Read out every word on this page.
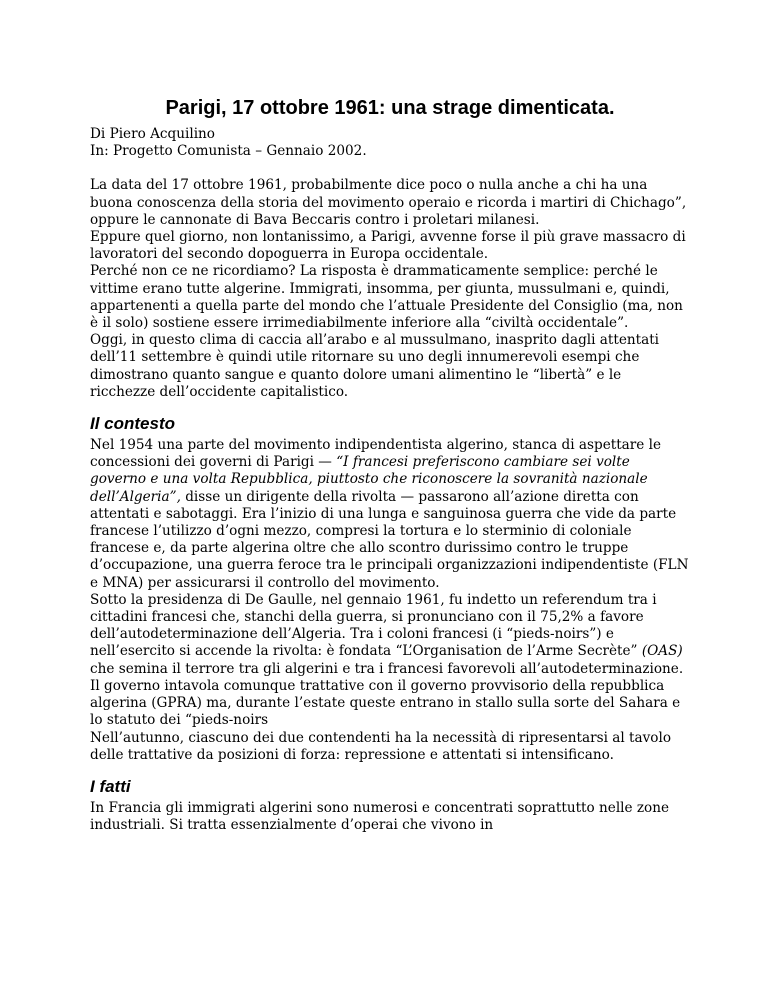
Parigi, 17 ottobre 1961: una strage dimenticata.

Di Piero Acquilino

In: Progetto Comunista – Gennaio 2002.

La data del 17 ottobre 1961, probabilmente dice poco o nulla anche a chi ha una buona conoscenza della storia del movimento operaio e ricorda i martiri di Chichago”, oppure le cannonate di Bava Beccaris contro i proletari milanesi.

Eppure quel giorno, non lontanissimo, a Parigi, avvenne forse il più grave massacro di lavoratori del secondo dopoguerra in Europa occidentale.

Perché non ce ne ricordiamo? La risposta è drammaticamente semplice: perché le vittime erano tutte algerine. Immigrati, insomma, per giunta, mussulmani e, quindi, appartenenti a quella parte del mondo che l’attuale Presidente del Consiglio (ma, non è il solo) sostiene essere irrimediabilmente inferiore alla “civiltà occidentale”.

Oggi, in questo clima di caccia all’arabo e al mussulmano, inasprito dagli attentati dell’11 settembre è quindi utile ritornare su uno degli innumerevoli esempi che dimostrano quanto sangue e quanto dolore umani alimentino le “libertà” e le ricchezze dell’occidente capitalistico.

Il contesto

Nel 1954 una parte del movimento indipendentista algerino, stanca di aspettare le concessioni dei governi di Parigi — “I francesi preferiscono cambiare sei volte governo e una volta Repubblica, piuttosto che riconoscere la sovranità nazionale dell’Algeria”, disse un dirigente della rivolta — passarono all’azione diretta con attentati e sabotaggi. Era l’inizio di una lunga e sanguinosa guerra che vide da parte francese l’utilizzo d’ogni mezzo, compresi la tortura e lo sterminio di coloniale francese e, da parte algerina oltre che allo scontro durissimo contro le truppe d’occupazione, una guerra feroce tra le principali organizzazioni indipendentiste (FLN e MNA) per assicurarsi il controllo del movimento.

Sotto la presidenza di De Gaulle, nel gennaio 1961, fu indetto un referendum tra i cittadini francesi che, stanchi della guerra, si pronunciano con il 75,2% a favore dell’autodeterminazione dell’Algeria. Tra i coloni francesi (i “pieds-noirs”) e nell’esercito si accende la rivolta: è fondata “L’Organisation de l’Arme Secrète” (OAS) che semina il terrore tra gli algerini e tra i francesi favorevoli all’autodeterminazione.

Il governo intavola comunque trattative con il governo provvisorio della repubblica algerina (GPRA) ma, durante l’estate queste entrano in stallo sulla sorte del Sahara e lo statuto dei “pieds-noirs

Nell’autunno, ciascuno dei due contendenti ha la necessità di ripresentarsi al tavolo delle trattative da posizioni di forza: repressione e attentati si intensificano.

I fatti

In Francia gli immigrati algerini sono numerosi e concentrati soprattutto nelle zone industriali. Si tratta essenzialmente d’operai che vivono in
